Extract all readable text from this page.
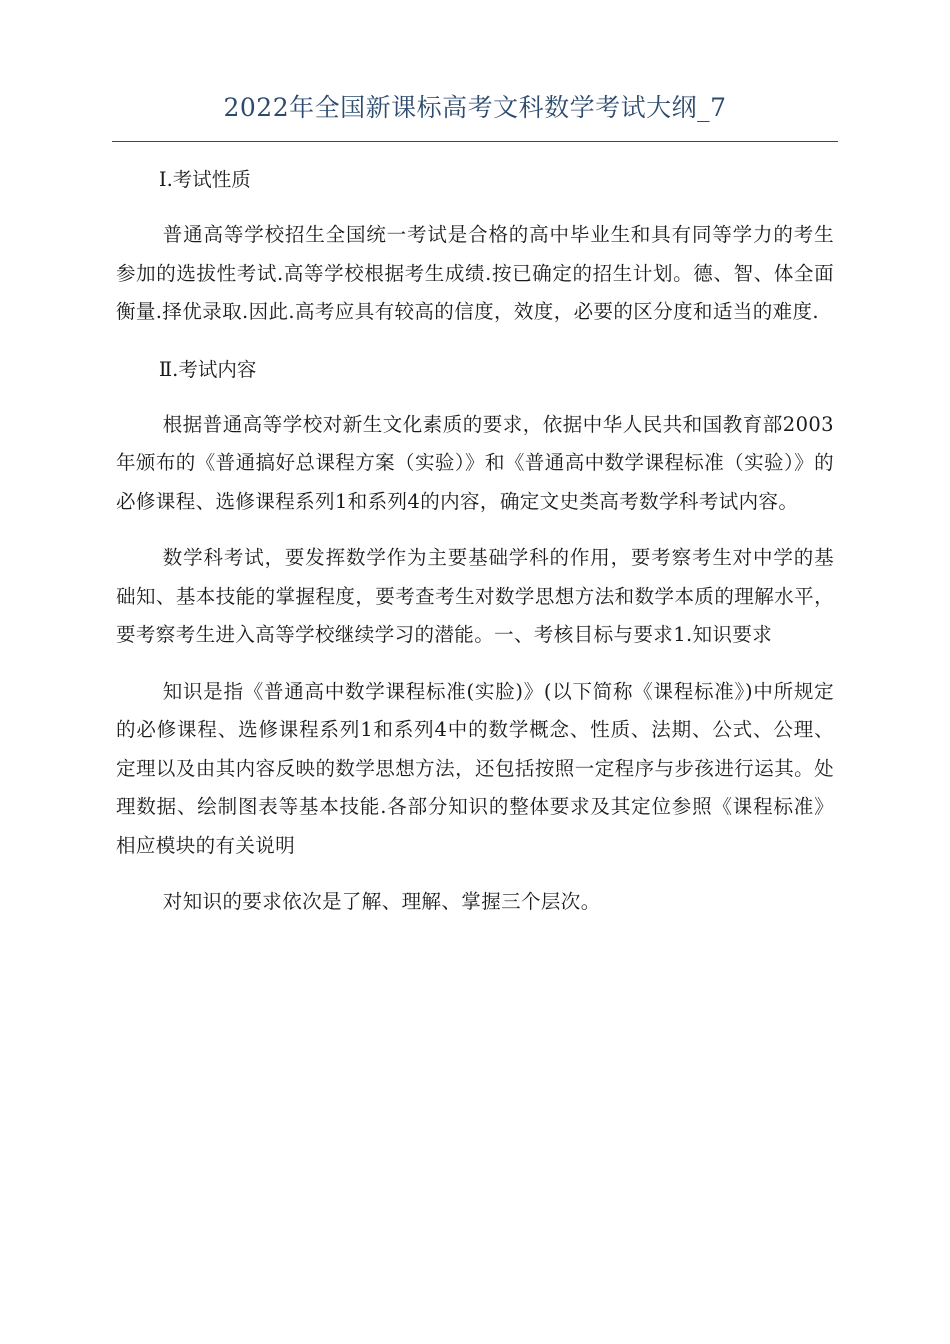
2022年全国新课标高考文科数学考试大纲_7
I.考试性质

普通高等学校招生全国统一考试是合格的高中毕业生和具有同等学力的考生参加的选拔性考试.高等学校根据考生成绩.按已确定的招生计划。德、智、体全面衡量.择优录取.因此.高考应具有较高的信度，效度，必要的区分度和适当的难度.

Ⅱ.考试内容

根据普通高等学校对新生文化素质的要求，依据中华人民共和国教育部2003年颁布的《普通搞好总课程方案（实验）》和《普通高中数学课程标准（实验）》的必修课程、选修课程系列1和系列4的内容，确定文史类高考数学科考试内容。

数学科考试，要发挥数学作为主要基础学科的作用，要考察考生对中学的基础知、基本技能的掌握程度，要考查考生对数学思想方法和数学本质的理解水平，要考察考生进入高等学校继续学习的潜能。一、考核目标与要求1.知识要求

知识是指《普通高中数学课程标准(实脸)》(以下简称《课程标准》)中所规定的必修课程、选修课程系列1和系列4中的数学概念、性质、法期、公式、公理、定理以及由其内容反映的数学思想方法，还包括按照一定程序与步孩进行运其。处理数据、绘制图表等基本技能.各部分知识的整体要求及其定位参照《课程标准》相应模块的有关说明

对知识的要求依次是了解、理解、掌握三个层次。
